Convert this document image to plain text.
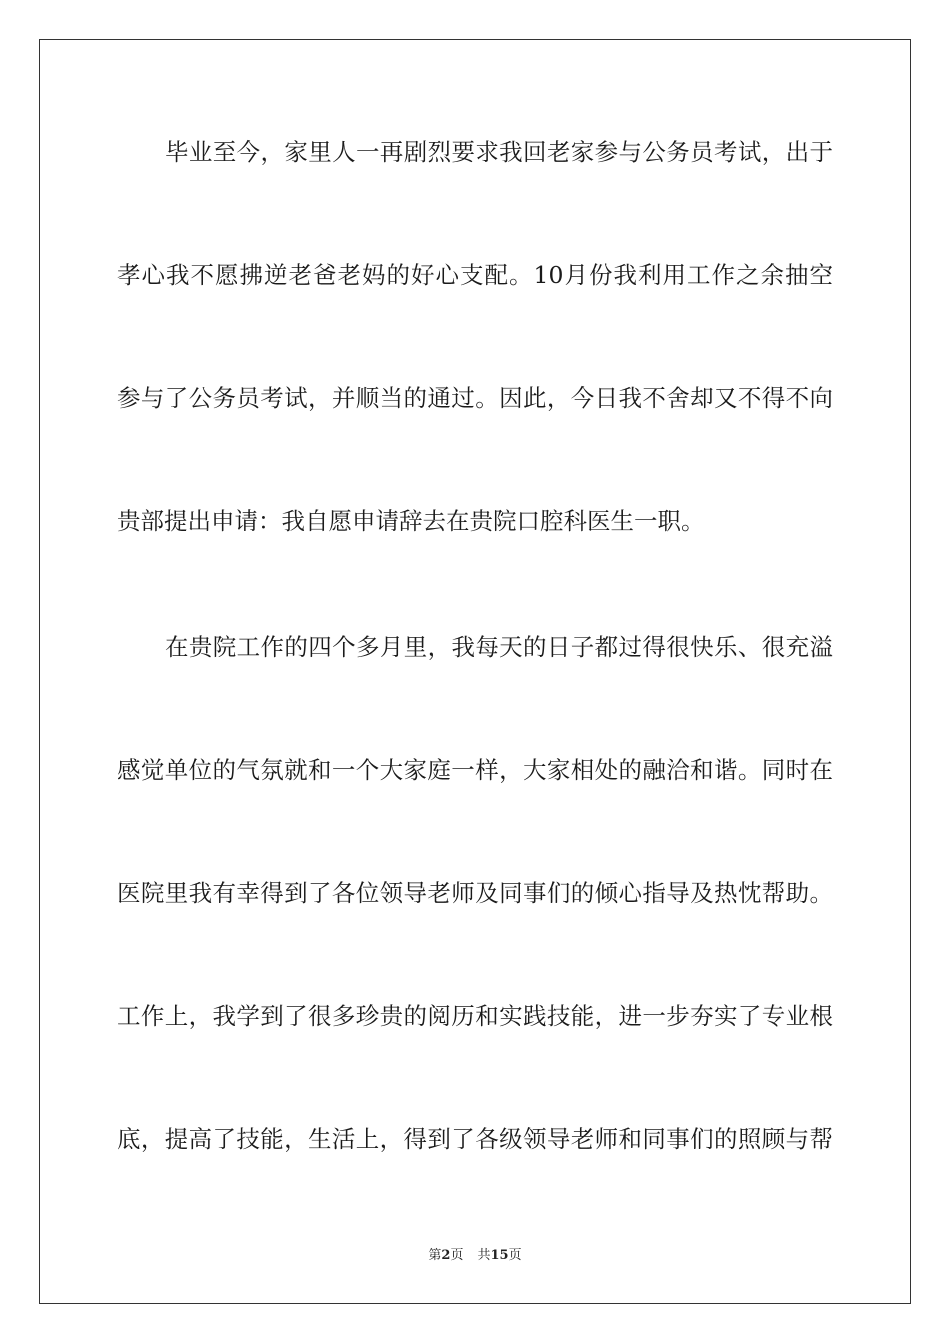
毕业至今，家里人一再剧烈要求我回老家参与公务员考试，出于
孝心我不愿拂逆老爸老妈的好心支配。10月份我利用工作之余抽空
参与了公务员考试，并顺当的通过。因此，今日我不舍却又不得不向
贵部提出申请：我自愿申请辞去在贵院口腔科医生一职。
在贵院工作的四个多月里，我每天的日子都过得很快乐、很充溢
感觉单位的气氛就和一个大家庭一样，大家相处的融洽和谐。同时在
医院里我有幸得到了各位领导老师及同事们的倾心指导及热忱帮助。
工作上，我学到了很多珍贵的阅历和实践技能，进一步夯实了专业根
底，提高了技能，生活上，得到了各级领导老师和同事们的照顾与帮
第2页 共15页
